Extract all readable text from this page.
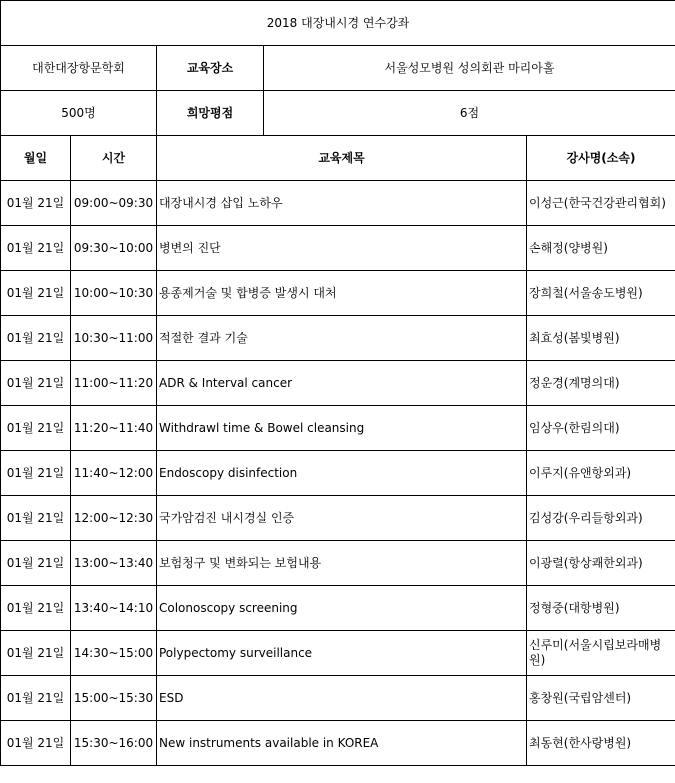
2018 대장내시경 연수강좌				
대한대장항문학회		교육장소	서울성모병원 성의회관 마리아홀	
500명		희망평점	6점	
월일	시간	교육제목		강사명(소속)
01월 21일	09:00~09:30	대장내시경 삽입 노하우		이성근(한국건강관리협회)
01월 21일	09:30~10:00	병변의 진단		손해정(양병원)
01월 21일	10:00~10:30	용종제거술 및 합병증 발생시 대처		장희철(서울송도병원)
01월 21일	10:30~11:00	적절한 결과 기술		최효성(봄빛병원)
01월 21일	11:00~11:20	ADR & Interval cancer		정운경(계명의대)
01월 21일	11:20~11:40	Withdrawl time & Bowel cleansing		임상우(한림의대)
01월 21일	11:40~12:00	Endoscopy disinfection		이루지(유앤항외과)
01월 21일	12:00~12:30	국가암검진 내시경실 인증		김성강(우리들항외과)
01월 21일	13:00~13:40	보험청구 및 변화되는 보험내용		이광렬(항상쾌한외과)
01월 21일	13:40~14:10	Colonoscopy screening		정형중(대항병원)
01월 21일	14:30~15:00	Polypectomy surveillance		신루미(서울시립보라매병원)
01월 21일	15:00~15:30	ESD		홍창원(국립암센터)
01월 21일	15:30~16:00	New instruments available in KOREA		최동현(한사랑병원)
